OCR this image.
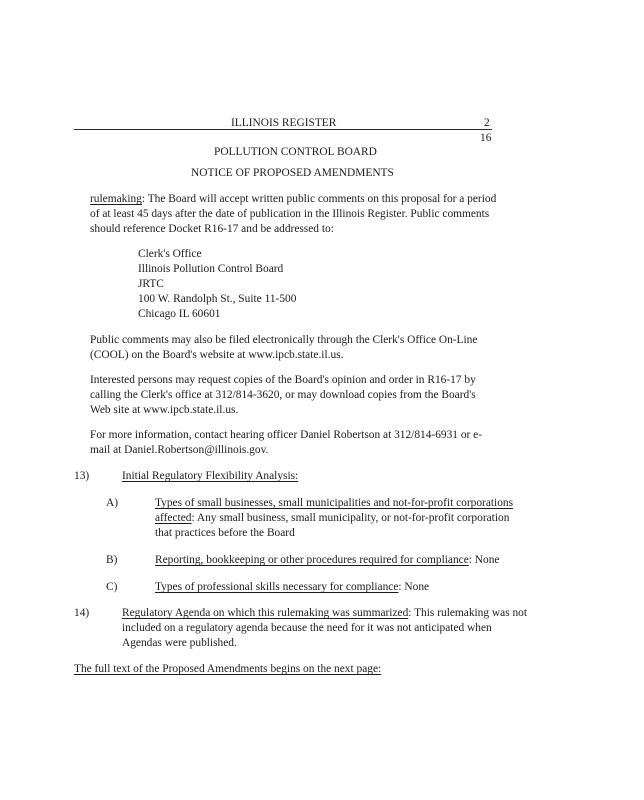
ILLINOIS REGISTER	2
16
POLLUTION CONTROL BOARD
NOTICE OF PROPOSED AMENDMENTS
rulemaking: The Board will accept written public comments on this proposal for a period
of at least 45 days after the date of publication in the Illinois Register. Public comments
should reference Docket R16-17 and be addressed to:
Clerk's Office
Illinois Pollution Control Board
JRTC
100 W. Randolph St., Suite 11-500
Chicago IL 60601
Public comments may also be filed electronically through the Clerk's Office On-Line
(COOL) on the Board's website at www.ipcb.state.il.us.
Interested persons may request copies of the Board's opinion and order in R16-17 by
calling the Clerk's office at 312/814-3620, or may download copies from the Board's
Web site at www.ipcb.state.il.us.
For more information, contact hearing officer Daniel Robertson at 312/814-6931 or e-
mail at Daniel.Robertson@illinois.gov.
13)	Initial Regulatory Flexibility Analysis:
A)	Types of small businesses, small municipalities and not-for-profit corporations
affected: Any small business, small municipality, or not-for-profit corporation
that practices before the Board
B)	Reporting, bookkeeping or other procedures required for compliance: None
C)	Types of professional skills necessary for compliance: None
14)	Regulatory Agenda on which this rulemaking was summarized: This rulemaking was not
included on a regulatory agenda because the need for it was not anticipated when
Agendas were published.
The full text of the Proposed Amendments begins on the next page:
